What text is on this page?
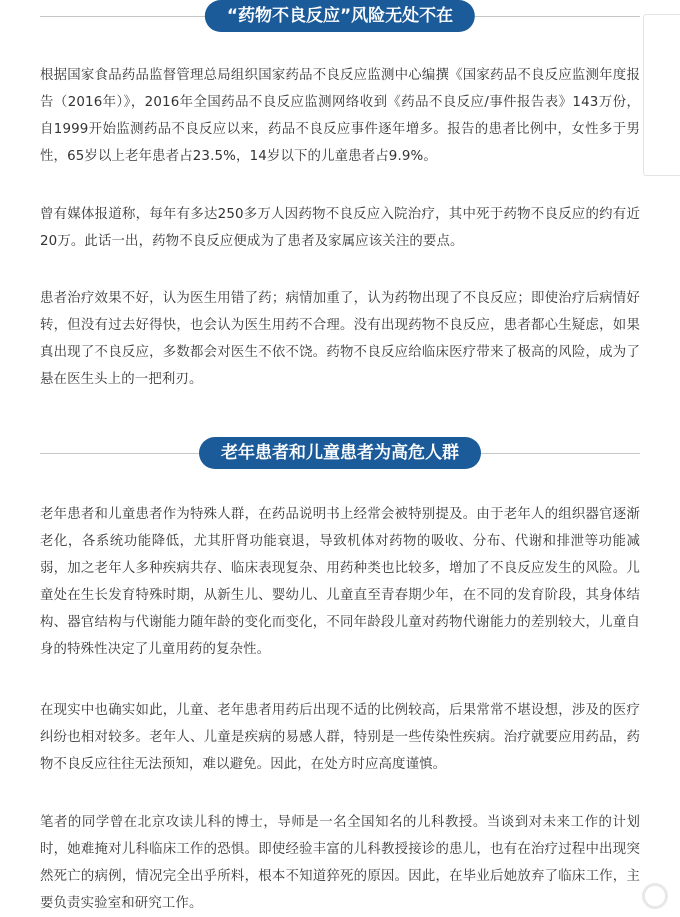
“药物不良反应”风险无处不在

根据国家食品药品监督管理总局组织国家药品不良反应监测中心编撰《国家药品不良反应监测年度报告（2016年）》，2016年全国药品不良反应监测网络收到《药品不良反应/事件报告表》143万份，自1999开始监测药品不良反应以来，药品不良反应事件逐年增多。报告的患者比例中，女性多于男性，65岁以上老年患者占23.5%，14岁以下的儿童患者占9.9%。

曾有媒体报道称，每年有多达250多万人因药物不良反应入院治疗，其中死于药物不良反应的约有近20万。此话一出，药物不良反应便成为了患者及家属应该关注的要点。

患者治疗效果不好，认为医生用错了药；病情加重了，认为药物出现了不良反应；即使治疗后病情好转，但没有过去好得快，也会认为医生用药不合理。没有出现药物不良反应，患者都心生疑虑，如果真出现了不良反应，多数都会对医生不依不饶。药物不良反应给临床医疗带来了极高的风险，成为了悬在医生头上的一把利刃。

老年患者和儿童患者为高危人群

老年患者和儿童患者作为特殊人群，在药品说明书上经常会被特别提及。由于老年人的组织器官逐渐老化，各系统功能降低，尤其肝肾功能衰退，导致机体对药物的吸收、分布、代谢和排泄等功能减弱，加之老年人多种疾病共存、临床表现复杂、用药种类也比较多，增加了不良反应发生的风险。儿童处在生长发育特殊时期，从新生儿、婴幼儿、儿童直至青春期少年，在不同的发育阶段，其身体结构、器官结构与代谢能力随年龄的变化而变化，不同年龄段儿童对药物代谢能力的差别较大，儿童自身的特殊性决定了儿童用药的复杂性。

在现实中也确实如此，儿童、老年患者用药后出现不适的比例较高，后果常常不堪设想，涉及的医疗纠纷也相对较多。老年人、儿童是疾病的易感人群，特别是一些传染性疾病。治疗就要应用药品，药物不良反应往往无法预知，难以避免。因此，在处方时应高度谨慎。

笔者的同学曾在北京攻读儿科的博士，导师是一名全国知名的儿科教授。当谈到对未来工作的计划时，她难掩对儿科临床工作的恐惧。即使经验丰富的儿科教授接诊的患儿，也有在治疗过程中出现突然死亡的病例，情况完全出乎所料，根本不知道猝死的原因。因此，在毕业后她放弃了临床工作，主要负责实验室和研究工作。
